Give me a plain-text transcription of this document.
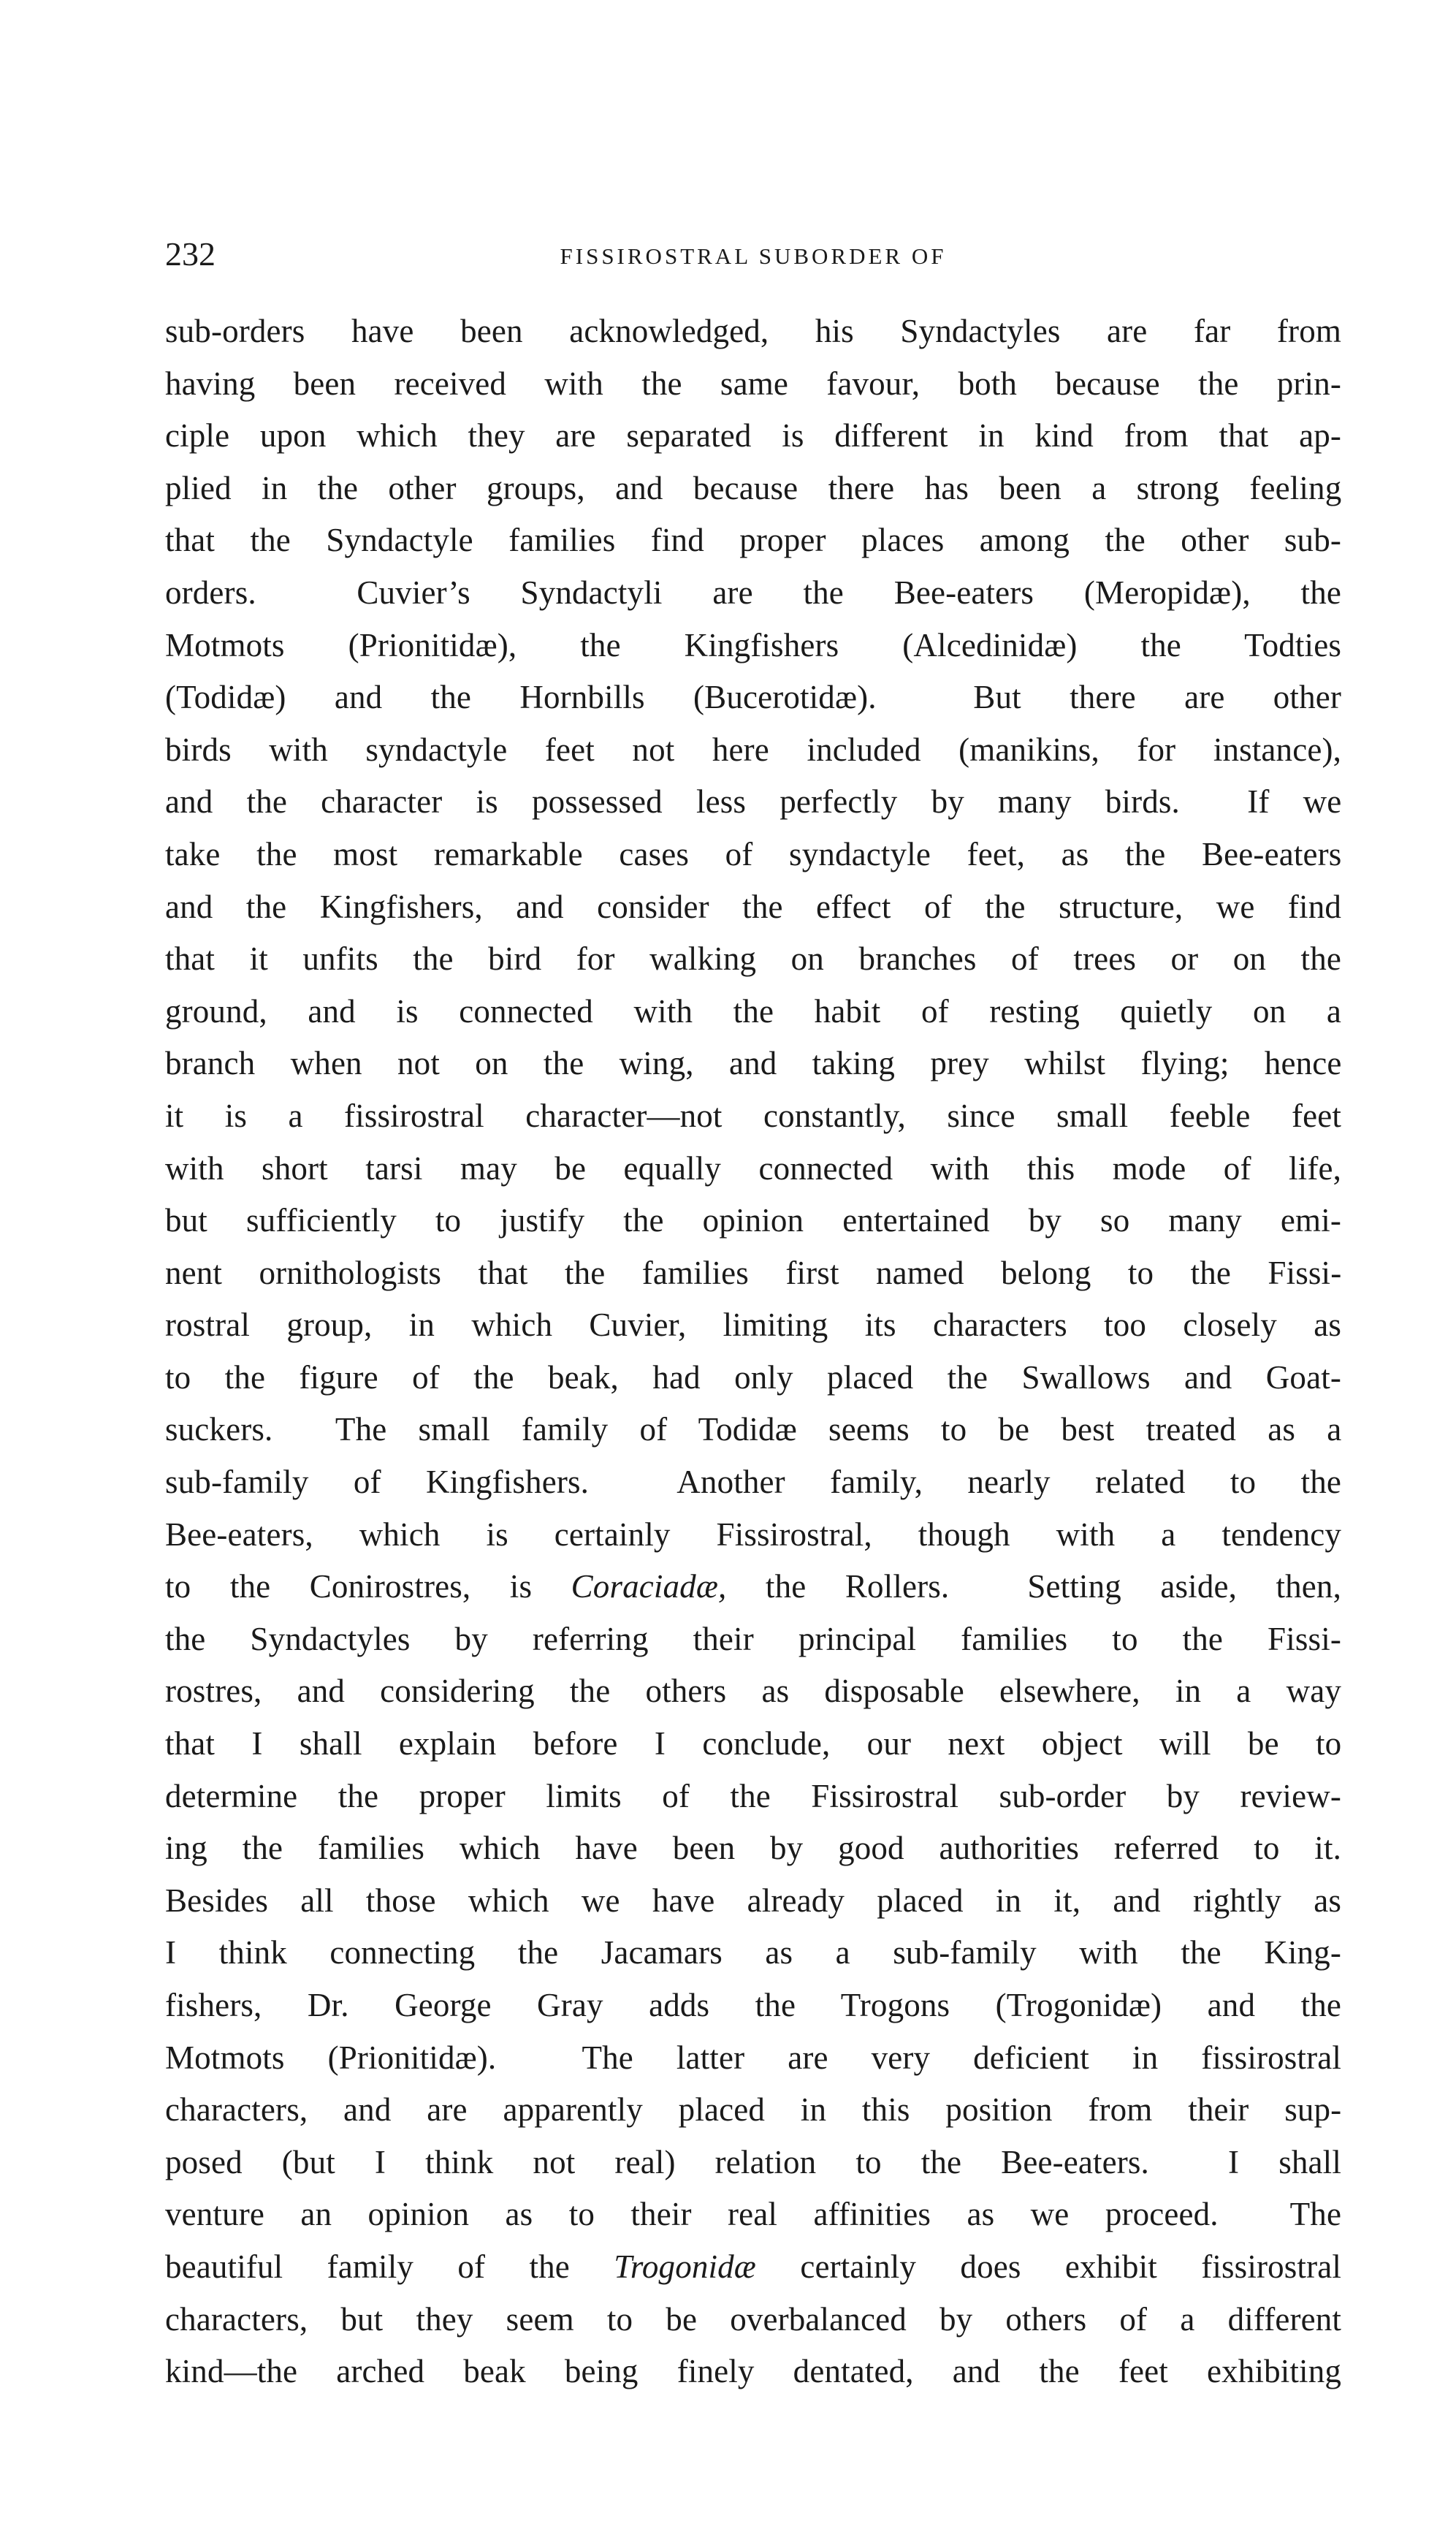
232	FISSIROSTRAL SUBORDER OF
sub-orders have been acknowledged, his Syndactyles are far from
having been received with the same favour, both because the prin-
ciple upon which they are separated is different in kind from that ap-
plied in the other groups, and because there has been a strong feeling
that the Syndactyle families find proper places among the other sub-
orders.  Cuvier’s Syndactyli are the Bee-eaters (Meropidæ), the
Motmots (Prionitidæ), the Kingfishers (Alcedinidæ) the Todties
(Todidæ) and the Hornbills (Bucerotidæ).  But there are other
birds with syndactyle feet not here included (manikins, for instance),
and the character is possessed less perfectly by many birds.  If we
take the most remarkable cases of syndactyle feet, as the Bee-eaters
and the Kingfishers, and consider the effect of the structure, we find
that it unfits the bird for walking on branches of trees or on the
ground, and is connected with the habit of resting quietly on a
branch when not on the wing, and taking prey whilst flying; hence
it is a fissirostral character—not constantly, since small feeble feet
with short tarsi may be equally connected with this mode of life,
but sufficiently to justify the opinion entertained by so many emi-
nent ornithologists that the families first named belong to the Fissi-
rostral group, in which Cuvier, limiting its characters too closely as
to the figure of the beak, had only placed the Swallows and Goat-
suckers.  The small family of Todidæ seems to be best treated as a
sub-family of Kingfishers.  Another family, nearly related to the
Bee-eaters, which is certainly Fissirostral, though with a tendency
to the Conirostres, is Coraciadæ, the Rollers.  Setting aside, then,
the Syndactyles by referring their principal families to the Fissi-
rostres, and considering the others as disposable elsewhere, in a way
that I shall explain before I conclude, our next object will be to
determine the proper limits of the Fissirostral sub-order by review-
ing the families which have been by good authorities referred to it.
Besides all those which we have already placed in it, and rightly as
I think connecting the Jacamars as a sub-family with the King-
fishers, Dr. George Gray adds the Trogons (Trogonidæ) and the
Motmots (Prionitidæ).  The latter are very deficient in fissirostral
characters, and are apparently placed in this position from their sup-
posed (but I think not real) relation to the Bee-eaters.  I shall
venture an opinion as to their real affinities as we proceed.  The
beautiful family of the Trogonidæ certainly does exhibit fissirostral
characters, but they seem to be overbalanced by others of a different
kind—the arched beak being finely dentated, and the feet exhibiting
